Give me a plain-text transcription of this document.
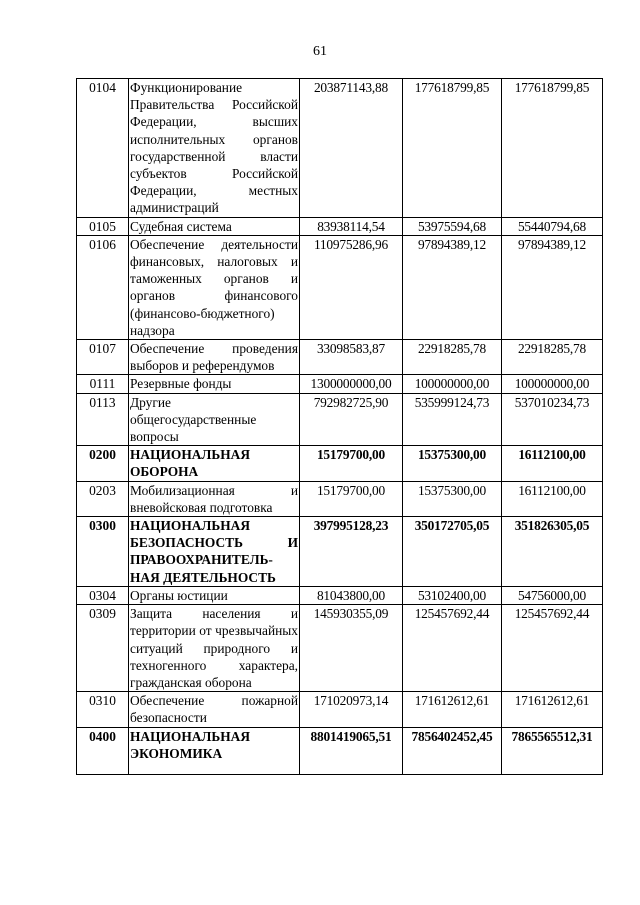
61
0104	Функционирование Правительства Российской Федерации, высших исполнительных органов государственной власти субъектов Российской Федерации, местных администраций	203871143,88	177618799,85	177618799,85
0105	Судебная система	83938114,54	53975594,68	55440794,68
0106	Обеспечение деятельности финансовых, налоговых и таможенных органов и органов финансового (финансово-бюджетного) надзора	110975286,96	97894389,12	97894389,12
0107	Обеспечение проведения выборов и референдумов	33098583,87	22918285,78	22918285,78
0111	Резервные фонды	1300000000,00	100000000,00	100000000,00
0113	Другие общегосударственные вопросы	792982725,90	535999124,73	537010234,73
0200	НАЦИОНАЛЬНАЯ ОБОРОНА	15179700,00	15375300,00	16112100,00
0203	Мобилизационная и вневойсковая подготовка	15179700,00	15375300,00	16112100,00
0300	НАЦИОНАЛЬНАЯ БЕЗОПАСНОСТЬ И ПРАВООХРАНИТЕЛЬ-НАЯ ДЕЯТЕЛЬНОСТЬ	397995128,23	350172705,05	351826305,05
0304	Органы юстиции	81043800,00	53102400,00	54756000,00
0309	Защита населения и территории от чрезвычайных ситуаций природного и техногенного характера, гражданская оборона	145930355,09	125457692,44	125457692,44
0310	Обеспечение пожарной безопасности	171020973,14	171612612,61	171612612,61
0400	НАЦИОНАЛЬНАЯ ЭКОНОМИКА	8801419065,51	7856402452,45	7865565512,31
